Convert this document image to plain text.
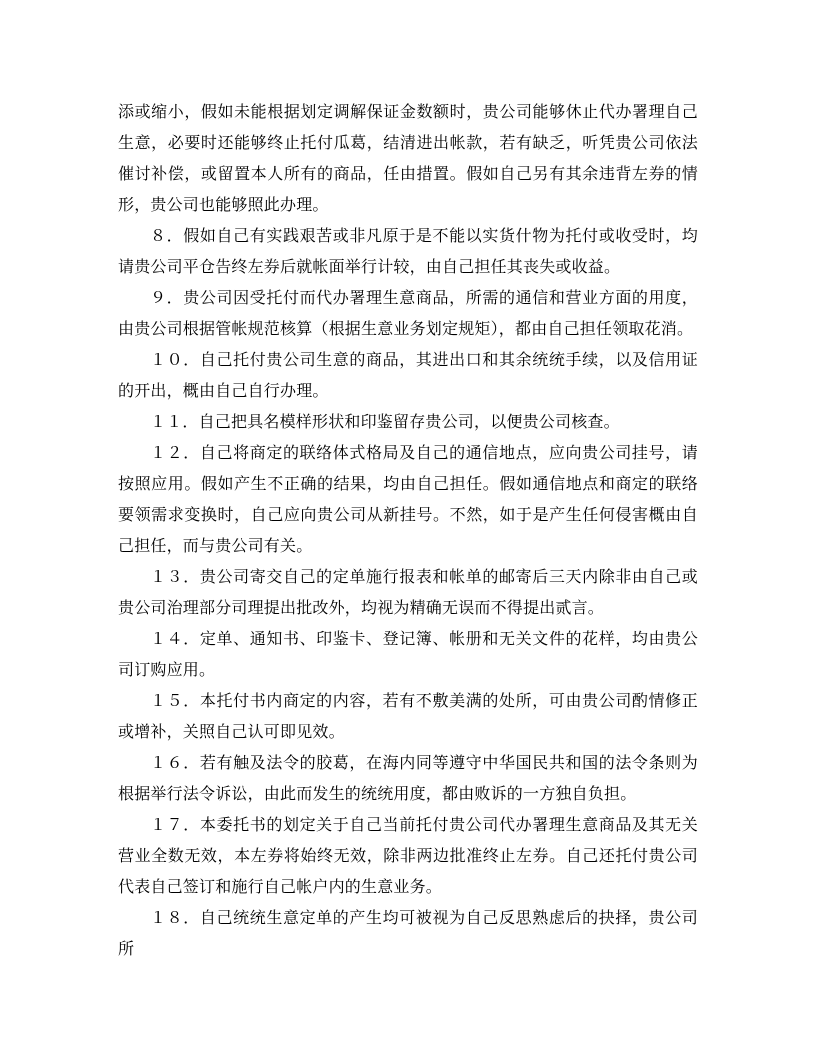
添或缩小，假如未能根据划定调解保证金数额时，贵公司能够休止代办署理自己生意，必要时还能够终止托付瓜葛，结清进出帐款，若有缺乏，听凭贵公司依法催讨补偿，或留置本人所有的商品，任由措置。假如自己另有其余违背左券的情形，贵公司也能够照此办理。

８．假如自己有实践艰苦或非凡原于是不能以实货什物为托付或收受时，均请贵公司平仓告终左券后就帐面举行计较，由自己担任其丧失或收益。

９．贵公司因受托付而代办署理生意商品，所需的通信和营业方面的用度，由贵公司根据管帐规范核算（根据生意业务划定规矩），都由自己担任领取花消。

１０．自己托付贵公司生意的商品，其进出口和其余统统手续，以及信用证的开出，概由自己自行办理。

１１．自己把具名模样形状和印鉴留存贵公司，以便贵公司核查。

１２．自己将商定的联络体式格局及自己的通信地点，应向贵公司挂号，请按照应用。假如产生不正确的结果，均由自己担任。假如通信地点和商定的联络要领需求变换时，自己应向贵公司从新挂号。不然，如于是产生任何侵害概由自己担任，而与贵公司有关。

１３．贵公司寄交自己的定单施行报表和帐单的邮寄后三天内除非由自己或贵公司治理部分司理提出批改外，均视为精确无误而不得提出贰言。

１４．定单、通知书、印鉴卡、登记簿、帐册和无关文件的花样，均由贵公司订购应用。

１５．本托付书内商定的内容，若有不敷美满的处所，可由贵公司酌情修正或增补，关照自己认可即见效。

１６．若有触及法令的胶葛，在海内同等遵守中华国民共和国的法令条则为根据举行法令诉讼，由此而发生的统统用度，都由败诉的一方独自负担。

１７．本委托书的划定关于自己当前托付贵公司代办署理生意商品及其无关营业全数无效，本左券将始终无效，除非两边批准终止左券。自己还托付贵公司代表自己签订和施行自己帐户内的生意业务。

１８．自己统统生意定单的产生均可被视为自己反思熟虑后的抉择，贵公司所
